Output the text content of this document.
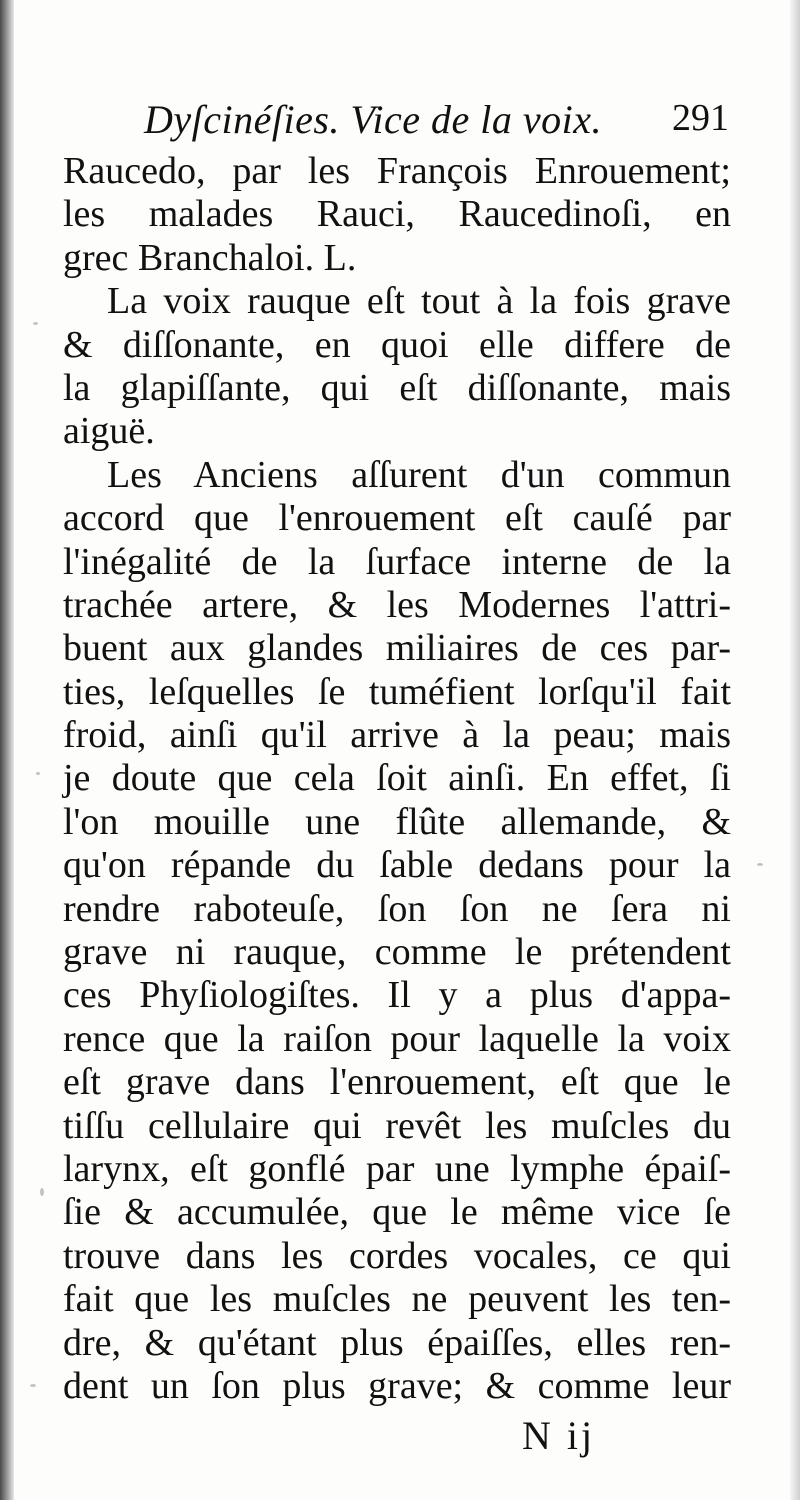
Dyſcinéſies. Vice de la voix. 291
Raucedo, par les François Enrouement;
les malades Rauci, Raucedinoſi, en
grec Branchaloi. L.
La voix rauque eſt tout à la fois grave
& diſſonante, en quoi elle differe de
la glapiſſante, qui eſt diſſonante, mais
aiguë.
Les Anciens aſſurent d'un commun
accord que l'enrouement eſt cauſé par
l'inégalité de la ſurface interne de la
trachée artere, & les Modernes l'attri-
buent aux glandes miliaires de ces par-
ties, leſquelles ſe tuméfient lorſqu'il fait
froid, ainſi qu'il arrive à la peau; mais
je doute que cela ſoit ainſi. En effet, ſi
l'on mouille une flûte allemande, &
qu'on répande du ſable dedans pour la
rendre raboteuſe, ſon ſon ne ſera ni
grave ni rauque, comme le prétendent
ces Phyſiologiſtes. Il y a plus d'appa-
rence que la raiſon pour laquelle la voix
eſt grave dans l'enrouement, eſt que le
tiſſu cellulaire qui revêt les muſcles du
larynx, eſt gonflé par une lymphe épaiſ-
ſie & accumulée, que le même vice ſe
trouve dans les cordes vocales, ce qui
fait que les muſcles ne peuvent les ten-
dre, & qu'étant plus épaiſſes, elles ren-
dent un ſon plus grave; & comme leur
N ij
